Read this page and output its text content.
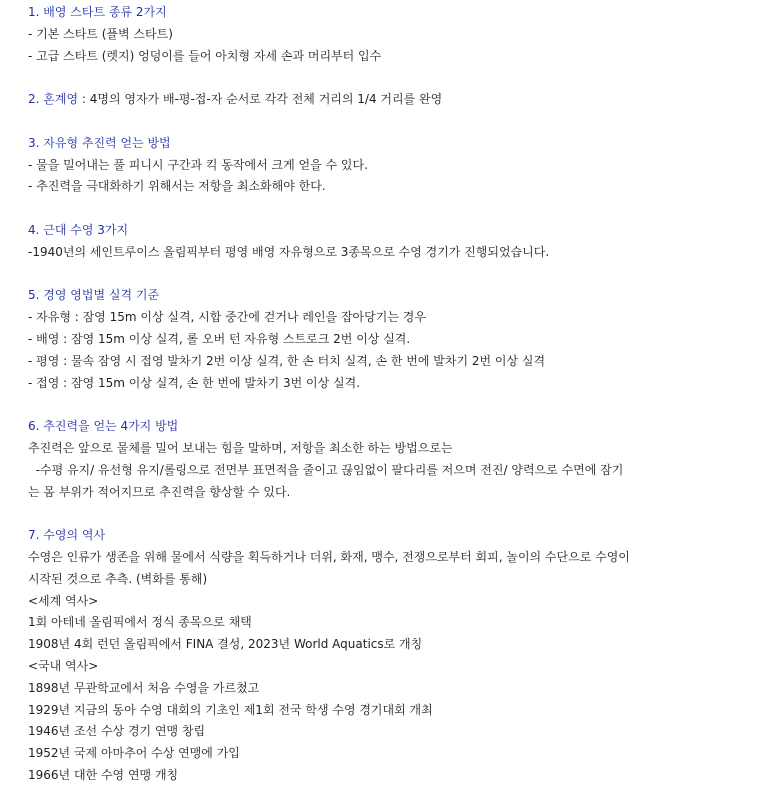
1. 배영 스타트 종류 2가지
- 기본 스타트 (플벽 스타트)
- 고급 스타트 (렛지) 엉덩이를 들어 아치형 자세 손과 머리부터 입수
2. 혼계영 : 4명의 영자가 배-평-접-자 순서로 각각 전체 거리의 1/4 거리를 완영
3. 자유형 추진력 얻는 방법
- 물을 밀어내는 풀 피니시 구간과 킥 동작에서 크게 얻을 수 있다.
- 추진력을 극대화하기 위해서는 저항을 최소화해야 한다.
4. 근대 수영 3가지
-1940년의 세인트루이스 올림픽부터 평영 배영 자유형으로 3종목으로 수영 경기가 진행되었습니다.
5. 경영 영법별 실격 기준
- 자유형 : 잠영 15m 이상 실격, 시합 중간에 걷거나 레인을 잡아당기는 경우
- 배영 : 잠영 15m 이상 실격, 롤 오버 턴 자유형 스트로크 2번 이상 실격.
- 평영 : 물속 잠영 시 접영 발차기 2번 이상 실격, 한 손 터치 실격, 손 한 번에 발차기 2번 이상 실격
- 접영 : 잠영 15m 이상 실격, 손 한 번에 발차기 3번 이상 실격.
6. 추진력을 얻는 4가지 방법
추진력은 앞으로 물체를 밀어 보내는 힘을 말하며, 저항을 최소한 하는 방법으로는
-수평 유지/ 유선형 유지/롤링으로 전면부 표면적을 줄이고 끊임없이 팔다리를 저으며 전진/ 양력으로 수면에 잠기
는 몸 부위가 적어지므로 추진력을 향상할 수 있다.
7. 수영의 역사
수영은 인류가 생존을 위해 물에서 식량을 획득하거나 더위, 화재, 맹수, 전쟁으로부터 회피, 놀이의 수단으로 수영이
시작된 것으로 추측. (벽화를 통해)
<세계 역사>
1회 아테네 올림픽에서 정식 종목으로 채택
1908년 4회 런던 올림픽에서 FINA 결성, 2023년 World Aquatics로 개칭
<국내 역사>
1898년 무관학교에서 처음 수영을 가르쳤고
1929년 지금의 동아 수영 대회의 기초인 제1회 전국 학생 수영 경기대회 개최
1946년 조선 수상 경기 연맹 창립
1952년 국제 아마추어 수상 연맹에 가입
1966년 대한 수영 연맹 개칭
